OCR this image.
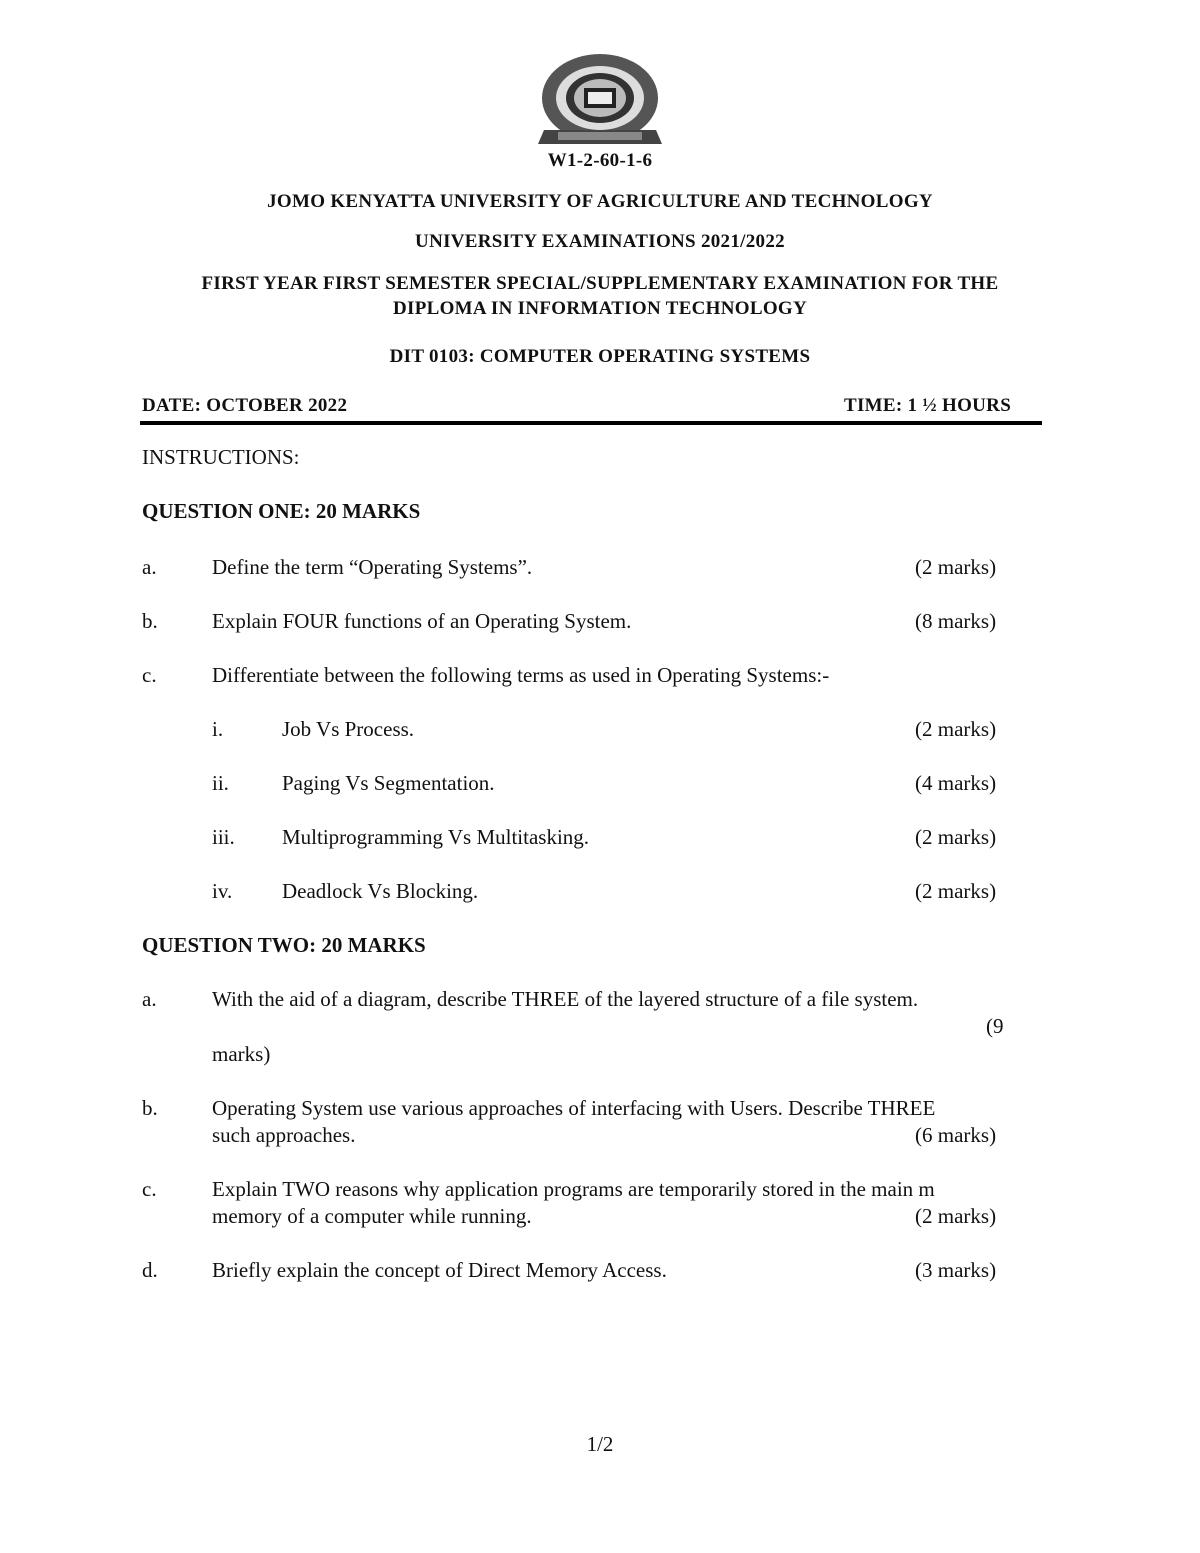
W1-2-60-1-6
JOMO KENYATTA UNIVERSITY OF AGRICULTURE AND TECHNOLOGY
UNIVERSITY EXAMINATIONS 2021/2022
FIRST YEAR FIRST SEMESTER SPECIAL/SUPPLEMENTARY EXAMINATION FOR THE
DIPLOMA IN INFORMATION TECHNOLOGY
DIT 0103: COMPUTER OPERATING SYSTEMS
DATE: OCTOBER 2022	TIME: 1 ½ HOURS
INSTRUCTIONS:
QUESTION ONE: 20 MARKS
a.	Define the term “Operating Systems”.	(2 marks)
b.	Explain FOUR functions of an Operating System.	(8 marks)
c.	Differentiate between the following terms as used in Operating Systems:-
i.	Job Vs Process.	(2 marks)
ii.	Paging Vs Segmentation.	(4 marks)
iii. Multiprogramming Vs Multitasking.	(2 marks)
iv. Deadlock Vs Blocking.	(2 marks)
QUESTION TWO: 20 MARKS
a.	With the aid of a diagram, describe THREE of the layered structure of a file system.
(9
marks)
b.	Operating System use various approaches of interfacing with Users. Describe THREE
such approaches.	(6 marks)
c.	Explain TWO reasons why application programs are temporarily stored in the main m
memory of a computer while running.	(2 marks)
d.	Briefly explain the concept of Direct Memory Access.	(3 marks)
1/2
